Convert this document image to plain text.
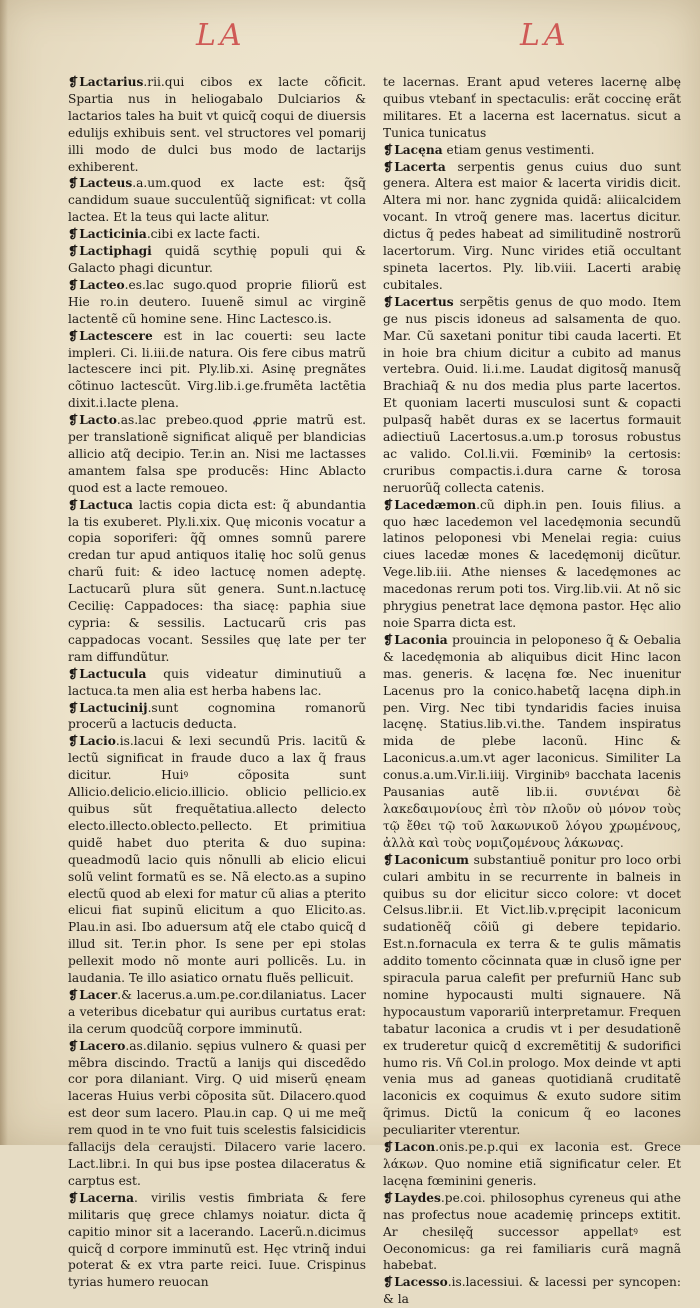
LA	LA

❡Lactarius.rii.qui cibos ex lacte cõficit. Spartia nus in heliogabalo Dulciarios & lactarios tales ha buit vt quicq̃ coqui de diuersis edulijs exhibuis sent. vel structores vel pomarij illi modo de dulci bus modo de lactarijs exhiberent.

❡Lacteus.a.um.quod ex lacte est: q̃sq̃ candidum suaue succulentũq̃ significat: vt colla lactea. Et la teus qui lacte alitur.

❡Lacticinia.cibi ex lacte facti.

❡Lactiphagi quidã scythię populi qui & Galacto phagi dicuntur.

❡Lacteo.es.lac sugo.quod proprie filiorũ est Hie ro.in deutero. Iuuenẽ simul ac virginẽ lactentẽ cũ homine sene. Hinc Lactesco.is.

❡Lactescere est in lac couerti: seu lacte impleri. Ci. li.iii.de natura. Ois fere cibus matrũ lactescere inci pit. Ply.lib.xi. Asinę pregnãtes cõtinuo lactescũt. Virg.lib.i.ge.frumẽta lactẽtia dixit.i.lacte plena.

❡Lacto.as.lac prebeo.quod ꝓprie matrũ est. per translationẽ significat aliquẽ per blandicias allicio atq̃ decipio. Ter.in an. Nisi me lactasses amantem falsa spe producẽs: Hinc Ablacto quod est a lacte remoueo.

❡Lactuca lactis copia dicta est: q̃ abundantia la tis exuberet. Ply.li.xix. Quę miconis vocatur a copia soporiferi: q̃q̃ omnes somnũ parere credan tur apud antiquos italię hoc solũ genus charũ fuit: & ideo lactucę nomen adeptę. Lactucarũ plura sũt genera. Sunt.n.lactucę Cecilię: Cappadoces: tha siacę: paphia siue cypria: & sessilis. Lactucarũ cris pas cappadocas vocant. Sessiles quę late per ter ram diffundũtur.

❡Lactucula quis videatur diminutiuũ a lactuca.ta men alia est herba habens lac.

❡Lactucinij.sunt cognomina romanorũ procerũ a lactucis deducta.

❡Lacio.is.lacui & lexi secundũ Pris. lacitũ & lectũ significat in fraude duco a lax q̃ fraus dicitur. Huiꝰ cõposita sunt Allicio.delicio.elicio.illicio. oblicio pellicio.ex quibus sũt frequẽtatiua.allecto delecto electo.illecto.oblecto.pellecto. Et primitiua quidẽ habet duo pterita & duo supina: queadmodũ lacio quis nõnulli ab elicio elicui solũ velint formatũ es se. Nã electo.as a supino electũ quod ab elexi for matur cũ alias a pterito elicui fiat supinũ elicitum a quo Elicito.as. Plau.in asi. Ibo aduersum atq̃ ele ctabo quicq̃ d illud sit. Ter.in phor. Is sene per epi stolas pellexit modo nõ monte auri pollicẽs. Lu. in laudania. Te illo asiatico ornatu fluẽs pellicuit.

❡Lacer.& lacerus.a.um.pe.cor.dilaniatus. Lacer a veteribus dicebatur qui auribus curtatus erat: ila cerum quodcũq̃ corpore imminutũ.

❡Lacero.as.dilanio. sępius vulnero & quasi per mẽbra discindo. Tractũ a lanijs qui discedẽdo cor pora dilaniant. Virg. Q uid miserũ ęneam laceras Huius verbi cõposita sũt. Dilacero.quod est deor sum lacero. Plau.in cap. Q ui me meq̃ rem quod in te vno fuit tuis scelestis falsicidicis fallacijs dela ceraujsti. Dilacero varie lacero. Lact.libr.i. In qui bus ipse postea dilaceratus & carptus est.

❡Lacerna. virilis vestis fimbriata & fere militaris quę grece chlamys noiatur. dicta q̃ capitio minor sit a lacerando. Lacerũ.n.dicimus quicq̃ d corpore imminutũ est. Hęc vtrinq̃ indui poterat & ex vtra parte reici. Iuue. Crispinus tyrias humero reuocan

te lacernas. Erant apud veteres lacernę albę quibus vtebanť in spectaculis: erãt coccinę erãt militares. Et a lacerna est lacernatus. sicut a Tunica tunicatus

❡Lacęna etiam genus vestimenti.

❡Lacerta serpentis genus cuius duo sunt genera. Altera est maior & lacerta viridis dicit. Altera mi nor. hanc zygnida quidã: aliicalcidem vocant. In vtroq̃ genere mas. lacertus dicitur. dictus q̃ pedes habeat ad similitudinẽ nostrorũ lacertorum. Virg. Nunc virides etiã occultant spineta lacertos. Ply. lib.viii. Lacerti arabię cubitales.

❡Lacertus serpẽtis genus de quo modo. Item ge nus piscis idoneus ad salsamenta de quo. Mar. Cũ saxetani ponitur tibi cauda lacerti. Et in hoie bra chium dicitur a cubito ad manus vertebra. Ouid. li.i.me. Laudat digitosq̃ manusq̃ Brachiaq̃ & nu dos media plus parte lacertos. Et quoniam lacerti musculosi sunt & copacti pulpasq̃ habẽt duras ex se lacertus formauit adiectiuũ Lacertosus.a.um.p torosus robustus ac valido. Col.li.vii. Fœminibꝰ la certosis: cruribus compactis.i.dura carne & torosa neruorũq̃ collecta catenis.

❡Lacedæmon.cũ diph.in pen. Iouis filius. a quo hæc lacedemon vel lacedęmonia secundũ latinos peloponesi vbi Menelai regia: cuius ciues lacedæ mones & lacedęmonij dicũtur. Vege.lib.iii. Athe nienses & lacedęmones ac macedonas rerum poti tos. Virg.lib.vii. At nõ sic phrygius penetrat lace dęmona pastor. Hęc alio noie Sparra dicta est.

❡Laconia prouincia in peloponeso q̃ & Oebalia & lacedęmonia ab aliquibus dicit Hinc lacon mas. generis. & lacęna fœ. Nec inuenitur Lacenus pro la conico.habetq̃ lacęna diph.in pen. Virg. Nec tibi tyndaridis facies inuisa lacęnę. Statius.lib.vi.the. Tandem inspiratus mida de plebe laconũ. Hinc & Laconicus.a.um.vt ager laconicus. Similiter La conus.a.um.Vir.li.iiij. Virginibꝰ bacchata lacenis Pausanias autẽ lib.ii. συνιέναι δὲ λακεδαιμονίους ἐπὶ τὸν πλοῦν οὐ μόνον τοὺς τῷ ἔθει τῷ τοῦ λακωνικοῦ λόγου χρωμένους, ἀλλὰ καὶ τοὺς νομιζομένους λάκωνας.

❡Laconicum substantiuẽ ponitur pro loco orbi culari ambitu in se recurrente in balneis in quibus su dor elicitur sicco colore: vt docet Celsus.libr.ii. Et Vict.lib.v.pręcipit laconicum sudationẽq̃ cõiũ gi debere tepidario. Est.n.fornacula ex terra & te gulis mãmatis addito tomento cõcinnata quæ in clusõ igne per spiracula parua calefit per prefurniũ Hanc sub nomine hypocausti multi signauere. Nã hypocaustum vaporariũ interpretamur. Frequen tabatur laconica a crudis vt i per desudationẽ ex truderetur quicq̃ d excremẽtitij & sudorifici humo ris. Vñ Col.in prologo. Mox deinde vt apti venia mus ad ganeas quotidianã cruditatẽ laconicis ex coquimus & exuto sudore sitim q̃rimus. Dictũ la conicum q̃ eo lacones peculiariter vterentur.

❡Lacon.onis.pe.p.qui ex laconia est. Grece λάκων. Quo nomine etiã significatur celer. Et lacęna fœminini generis.

❡Laydes.pe.coi. philosophus cyreneus qui athe nas profectus noue academię princeps extitit. Ar chesilęq̃ successor appellatꝰ est Oeconomicus: ga rei familiaris curã magnã habebat.

❡Lacesso.is.lacessiui. & lacessi per syncopen: & la
